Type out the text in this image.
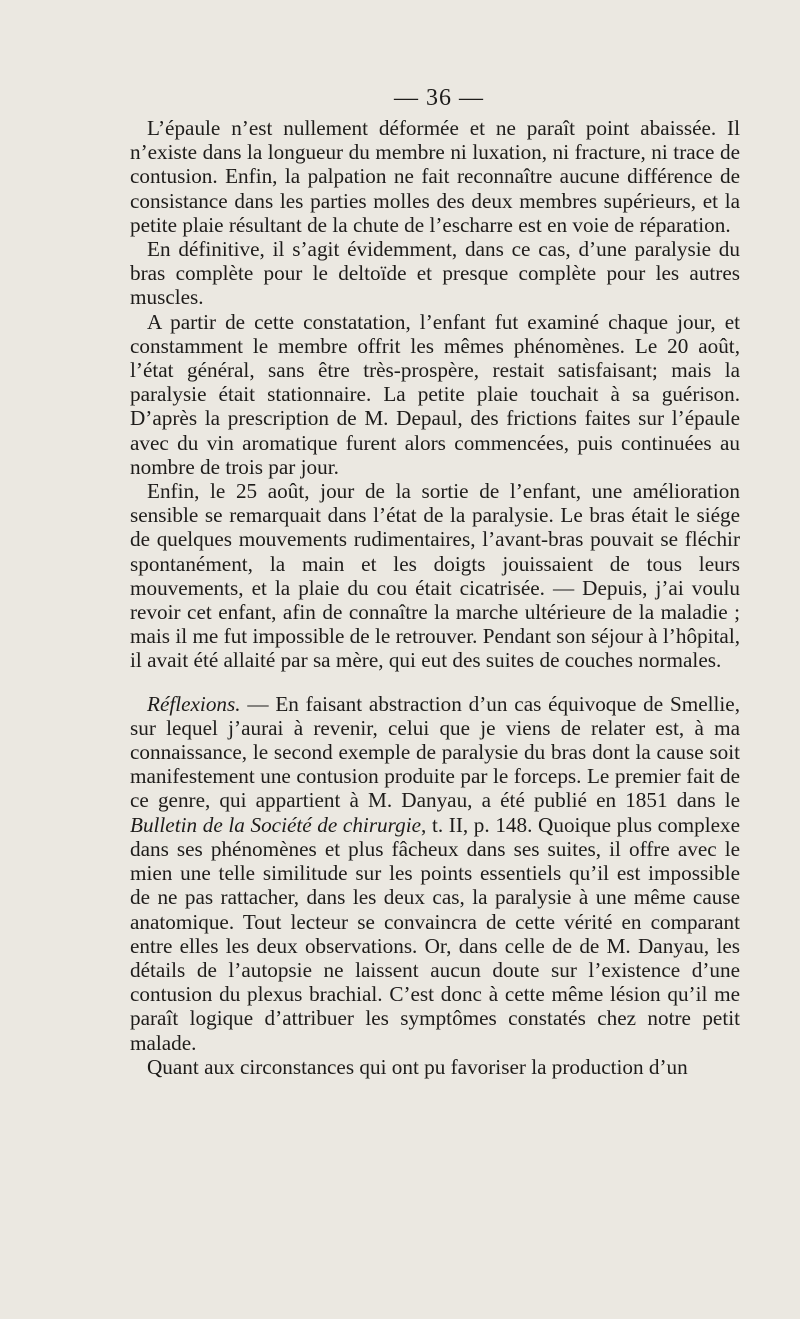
— 36 —

L’épaule n’est nullement déformée et ne paraît point abaissée. Il n’existe dans la longueur du membre ni luxation, ni fracture, ni trace de contusion. Enfin, la palpation ne fait reconnaître aucune différence de consistance dans les parties molles des deux membres supérieurs, et la petite plaie résultant de la chute de l’escharre est en voie de réparation.

En définitive, il s’agit évidemment, dans ce cas, d’une paralysie du bras complète pour le deltoïde et presque complète pour les autres muscles.

A partir de cette constatation, l’enfant fut examiné chaque jour, et constamment le membre offrit les mêmes phénomènes. Le 20 août, l’état général, sans être très-prospère, restait satisfaisant; mais la paralysie était stationnaire. La petite plaie touchait à sa guérison. D’après la prescription de M. Depaul, des frictions faites sur l’épaule avec du vin aromatique furent alors commencées, puis continuées au nombre de trois par jour.

Enfin, le 25 août, jour de la sortie de l’enfant, une amélioration sensible se remarquait dans l’état de la paralysie. Le bras était le siége de quelques mouvements rudimentaires, l’avant-bras pouvait se fléchir spontanément, la main et les doigts jouissaient de tous leurs mouvements, et la plaie du cou était cicatrisée. — Depuis, j’ai voulu revoir cet enfant, afin de connaître la marche ultérieure de la maladie ; mais il me fut impossible de le retrouver. Pendant son séjour à l’hôpital, il avait été allaité par sa mère, qui eut des suites de couches normales.

Réflexions. — En faisant abstraction d’un cas équivoque de Smellie, sur lequel j’aurai à revenir, celui que je viens de relater est, à ma connaissance, le second exemple de paralysie du bras dont la cause soit manifestement une contusion produite par le forceps. Le premier fait de ce genre, qui appartient à M. Danyau, a été publié en 1851 dans le Bulletin de la Société de chirurgie, t. II, p. 148. Quoique plus complexe dans ses phénomènes et plus fâcheux dans ses suites, il offre avec le mien une telle similitude sur les points essentiels qu’il est impossible de ne pas rattacher, dans les deux cas, la paralysie à une même cause anatomique. Tout lecteur se convaincra de cette vérité en comparant entre elles les deux observations. Or, dans celle de de M. Danyau, les détails de l’autopsie ne laissent aucun doute sur l’existence d’une contusion du plexus brachial. C’est donc à cette même lésion qu’il me paraît logique d’attribuer les symptômes constatés chez notre petit malade.

Quant aux circonstances qui ont pu favoriser la production d’un
